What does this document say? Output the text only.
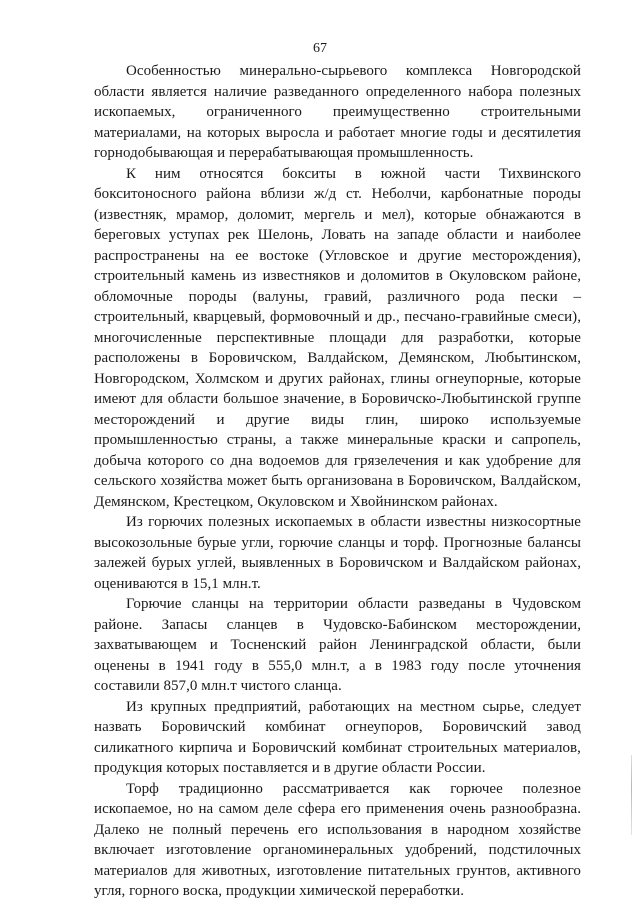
67

Особенностью минерально-сырьевого комплекса Новгородской области является наличие разведанного определенного набора полезных ископаемых, ограниченного преимущественно строительными материалами, на которых выросла и работает многие годы и десятилетия горнодобывающая и перерабатывающая промышленность.

К ним относятся бокситы в южной части Тихвинского бокситоносного района вблизи ж/д ст. Неболчи, карбонатные породы (известняк, мрамор, доломит, мергель и мел), которые обнажаются в береговых уступах рек Шелонь, Ловать на западе области и наиболее распространены на ее востоке (Угловское и другие месторождения), строительный камень из известняков и доломитов в Окуловском районе, обломочные породы (валуны, гравий, различного рода пески – строительный, кварцевый, формовочный и др., песчано-гравийные смеси), многочисленные перспективные площади для разработки, которые расположены в Боровичском, Валдайском, Демянском, Любытинском, Новгородском, Холмском и других районах, глины огнеупорные, которые имеют для области большое значение, в Боровичско-Любытинской группе месторождений и другие виды глин, широко используемые промышленностью страны, а также минеральные краски и сапропель, добыча которого со дна водоемов для грязелечения и как удобрение для сельского хозяйства может быть организована в Боровичском, Валдайском, Демянском, Крестецком, Окуловском и Хвойнинском районах.

Из горючих полезных ископаемых в области известны низкосортные высокозольные бурые угли, горючие сланцы и торф. Прогнозные балансы залежей бурых углей, выявленных в Боровичском и Валдайском районах, оцениваются в 15,1 млн.т.

Горючие сланцы на территории области разведаны в Чудовском районе. Запасы сланцев в Чудовско-Бабинском месторождении, захватывающем и Тосненский район Ленинградской области, были оценены в 1941 году в 555,0 млн.т, а в 1983 году после уточнения составили 857,0 млн.т чистого сланца.

Из крупных предприятий, работающих на местном сырье, следует назвать Боровичский комбинат огнеупоров, Боровичский завод силикатного кирпича и Боровичский комбинат строительных материалов, продукция которых поставляется и в другие области России.

Торф традиционно рассматривается как горючее полезное ископаемое, но на самом деле сфера его применения очень разнообразна. Далеко не полный перечень его использования в народном хозяйстве включает изготовление органоминеральных удобрений, подстилочных материалов для животных, изготовление питательных грунтов, активного угля, горного воска, продукции химической переработки.
